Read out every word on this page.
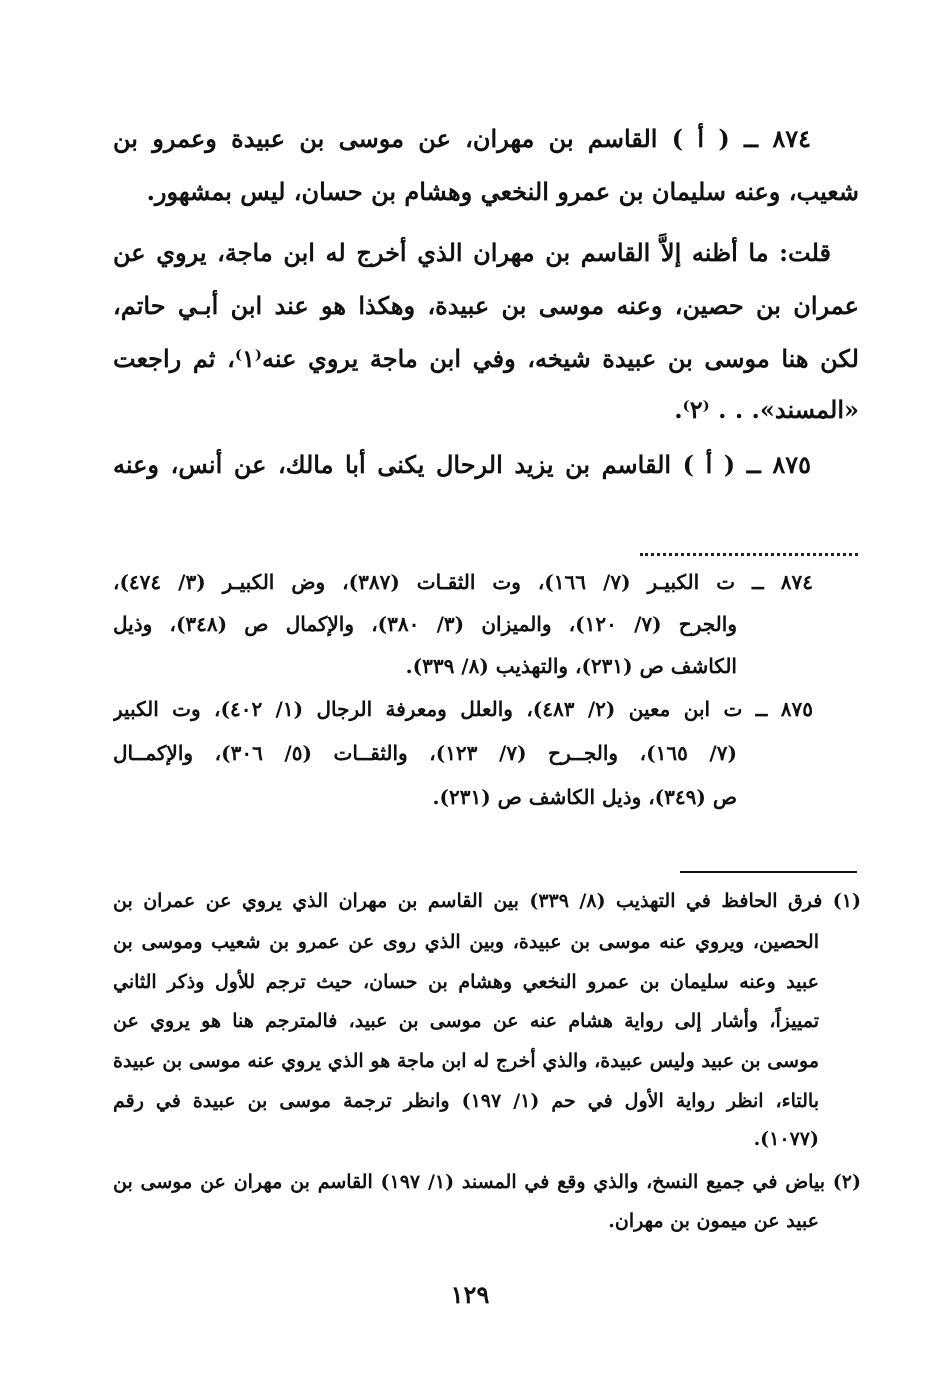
٨٧٤ ــ ( أ ) القاسم بن مهران، عن موسى بن عبيدة وعمرو بن

شعيب، وعنه سليمان بن عمرو النخعي وهشام بن حسان، ليس بمشهور.

قلت: ما أظنه إلاَّ القاسم بن مهران الذي أخرج له ابن ماجة، يروي عن

عمران بن حصين، وعنه موسى بن عبيدة، وهكذا هو عند ابن أبـي حاتم،

لكن هنا موسى بن عبيدة شيخه، وفي ابن ماجة يروي عنه⁽١⁾، ثم راجعت

«المسند». . . ⁽٢⁾.

٨٧٥ ــ ( أ ) القاسم بن يزيد الرحال يكنى أبا مالك، عن أنس، وعنه

٨٧٤ ــ ت الكبيـر (٧/ ١٦٦)، وت الثقـات (٣٨٧)، وض الكبيـر (٣/ ٤٧٤)،

والجرح (٧/ ١٢٠)، والميزان (٣/ ٣٨٠)، والإكمال ص (٣٤٨)، وذيل

الكاشف ص (٢٣١)، والتهذيب (٨/ ٣٣٩).

٨٧٥ ــ ت ابن معين (٢/ ٤٨٣)، والعلل ومعرفة الرجال (١/ ٤٠٢)، وت الكبير

(٧/ ١٦٥)، والجــرح (٧/ ١٢٣)، والثقــات (٥/ ٣٠٦)، والإكمــال

ص (٣٤٩)، وذيل الكاشف ص (٢٣١).

(١) فرق الحافظ في التهذيب (٨/ ٣٣٩) بين القاسم بن مهران الذي يروي عن عمران بن

الحصين، ويروي عنه موسى بن عبيدة، وبين الذي روى عن عمرو بن شعيب وموسى بن

عبيد وعنه سليمان بن عمرو النخعي وهشام بن حسان، حيث ترجم للأول وذكر الثاني

تمييزاً، وأشار إلى رواية هشام عنه عن موسى بن عبيد، فالمترجم هنا هو يروي عن

موسى بن عبيد وليس عبيدة، والذي أخرج له ابن ماجة هو الذي يروي عنه موسى بن عبيدة

بالتاء، انظر رواية الأول في حم (١/ ١٩٧) وانظر ترجمة موسى بن عبيدة في رقم

(١٠٧٧).

(٢) بياض في جميع النسخ، والذي وقع في المسند (١/ ١٩٧) القاسم بن مهران عن موسى بن

عبيد عن ميمون بن مهران.

١٢٩
